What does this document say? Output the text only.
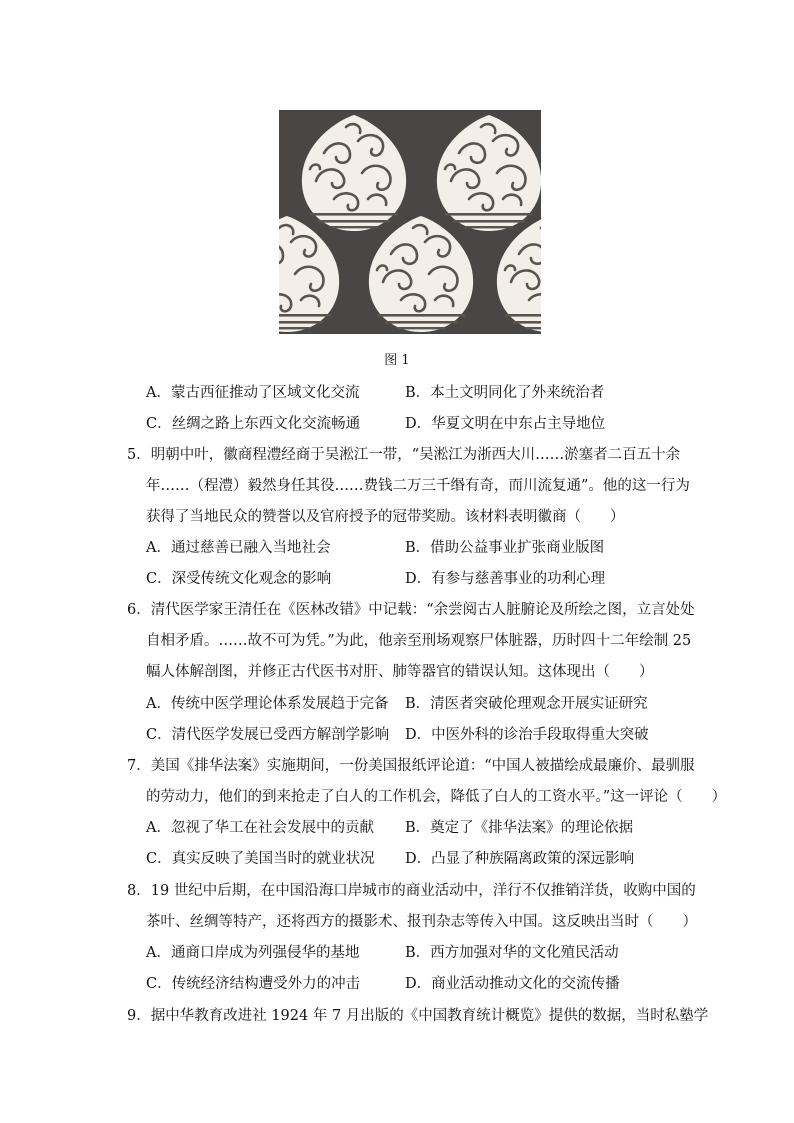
图 1
A．蒙古西征推动了区域文化交流	B．本土文明同化了外来统治者
C．丝绸之路上东西文化交流畅通	D．华夏文明在中东占主导地位
5．明朝中叶，徽商程澧经商于吴淞江一带，“吴淞江为浙西大川……淤塞者二百五十余
年……（程澧）毅然身任其役……费钱二万三千缗有奇，而川流复通”。他的这一行为
获得了当地民众的赞誉以及官府授予的冠带奖励。该材料表明徽商（　　）
A．通过慈善已融入当地社会	B．借助公益事业扩张商业版图
C．深受传统文化观念的影响	D．有参与慈善事业的功利心理
6．清代医学家王清任在《医林改错》中记载：“余尝阅古人脏腑论及所绘之图，立言处处
自相矛盾。……故不可为凭。”为此，他亲至刑场观察尸体脏器，历时四十二年绘制 25
幅人体解剖图，并修正古代医书对肝、肺等器官的错误认知。这体现出（　　）
A．传统中医学理论体系发展趋于完备 B．清医者突破伦理观念开展实证研究
C．清代医学发展已受西方解剖学影响 D．中医外科的诊治手段取得重大突破
7．美国《排华法案》实施期间，一份美国报纸评论道：“中国人被描绘成最廉价、最驯服
的劳动力，他们的到来抢走了白人的工作机会，降低了白人的工资水平。”这一评论（　　）
A．忽视了华工在社会发展中的贡献 B．奠定了《排华法案》的理论依据
C．真实反映了美国当时的就业状况 D．凸显了种族隔离政策的深远影响
8．19 世纪中后期，在中国沿海口岸城市的商业活动中，洋行不仅推销洋货，收购中国的
茶叶、丝绸等特产，还将西方的摄影术、报刊杂志等传入中国。这反映出当时（　　）
A．通商口岸成为列强侵华的基地	B．西方加强对华的文化殖民活动
C．传统经济结构遭受外力的冲击	D．商业活动推动文化的交流传播
9．据中华教育改进社 1924 年 7 月出版的《中国教育统计概览》提供的数据，当时私塾学
